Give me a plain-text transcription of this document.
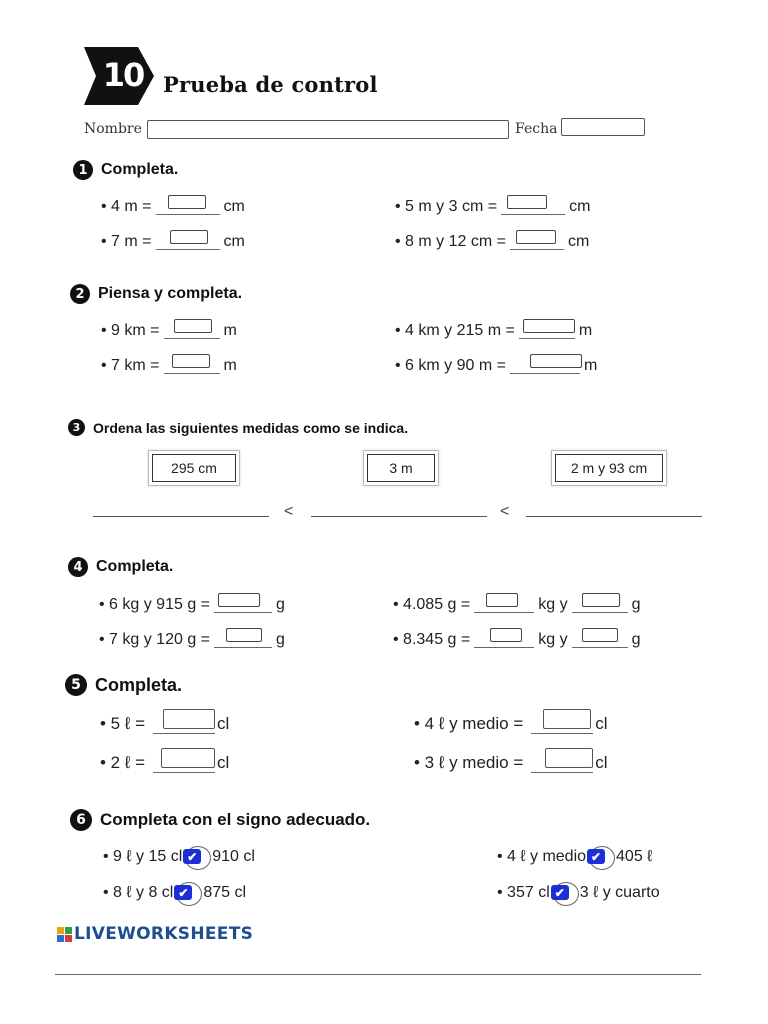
10 Prueba de control
Nombre	Fecha
1 Completa.
• 4 m =	cm	• 5 m y 3 cm =	cm
• 7 m =	cm	• 8 m y 12 cm =	cm
2 Piensa y completa.
• 9 km =	m	• 4 km y 215 m =	m
• 7 km =	m	• 6 km y 90 m =	m
3 Ordena las siguientes medidas como se indica.
295 cm	3 m	2 m y 93 cm
<	<
4 Completa.
• 6 kg y 915 g =	g	• 4.085 g =	kg y	g
• 7 kg y 120 g =	g	• 8.345 g =	kg y	g
5 Completa.
• 5 ℓ =	cl	• 4 ℓ y medio =	cl
• 2 ℓ =	cl	• 3 ℓ y medio =	cl
6 Completa con el signo adecuado.
• 9 ℓ y 15 cl ✔ 910 cl	• 4 ℓ y medio ✔ 405 ℓ
• 8 ℓ y 8 cl ✔ 875 cl	• 357 cl ✔ 3 ℓ y cuarto
LIVEWORKSHEETS
